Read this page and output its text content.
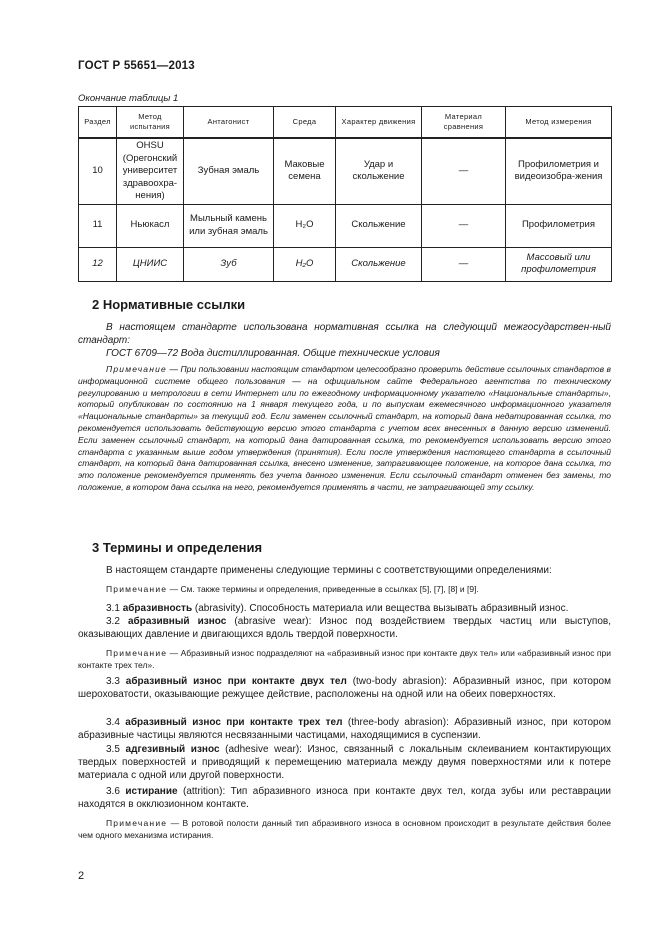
ГОСТ Р 55651—2013
Окончание таблицы 1
Раздел	Метод испытания	Антагонист	Среда	Характер движения	Материал сравнения	Метод измерения
10	OHSU (Орегонский университет здравоохра-нения)	Зубная эмаль	Маковые семена	Удар и скольжение	—	Профилометрия и видеоизобра-жения
11	Ньюкасл	Мыльный камень или зубная эмаль	H₂O	Скольжение	—	Профилометрия
12	ЦНИИС	Зуб	H₂O	Скольжение	—	Массовый или профилометрия
2 Нормативные ссылки
В настоящем стандарте использована нормативная ссылка на следующий межгосударствен-ный стандарт:
ГОСТ 6709—72 Вода дистиллированная. Общие технические условия
Примечание — При пользовании настоящим стандартом целесообразно проверить действие ссылочных стандартов в информационной системе общего пользования — на официальном сайте Федерального агентства по техническому регулированию и метрологии в сети Интернет или по ежегодному информационному указателю «Национальные стандарты», который опубликован по состоянию на 1 января текущего года, и по выпускам ежемесячного информационного указателя «Национальные стандарты» за текущий год. Если заменен ссылочный стандарт, на который дана недатированная ссылка, то рекомендуется использовать действующую версию этого стандарта с учетом всех внесенных в данную версию изменений. Если заменен ссылочный стандарт, на который дана датированная ссылка, то рекомендуется использовать версию этого стандарта с указанным выше годом утверждения (принятия). Если после утверждения настоящего стандарта в ссылочный стандарт, на который дана датированная ссылка, внесено изменение, затрагивающее положение, на которое дана ссылка, то это положение рекомендуется применять без учета данного изменения. Если ссылочный стандарт отменен без замены, то положение, в котором дана ссылка на него, рекомендуется применять в части, не затрагивающей эту ссылку.
3 Термины и определения
В настоящем стандарте применены следующие термины с соответствующими определениями:
Примечание — См. также термины и определения, приведенные в ссылках [5], [7], [8] и [9].
3.1 абразивность (abrasivity). Способность материала или вещества вызывать абразивный износ.
3.2 абразивный износ (abrasive wear): Износ под воздействием твердых частиц или выступов, оказывающих давление и двигающихся вдоль твердой поверхности.
Примечание — Абразивный износ подразделяют на «абразивный износ при контакте двух тел» или «абразивный износ при контакте трех тел».
3.3 абразивный износ при контакте двух тел (two-body abrasion): Абразивный износ, при котором шероховатости, оказывающие режущее действие, расположены на одной или на обеих поверхностях.
3.4 абразивный износ при контакте трех тел (three-body abrasion): Абразивный износ, при котором абразивные частицы являются несвязанными частицами, находящимися в суспензии.
3.5 адгезивный износ (adhesive wear): Износ, связанный с локальным склеиванием контактирующих твердых поверхностей и приводящий к перемещению материала между двумя поверхностями или к потере материала с одной или другой поверхности.
3.6 истирание (attrition): Тип абразивного износа при контакте двух тел, когда зубы или реставрации находятся в окклюзионном контакте.
Примечание — В ротовой полости данный тип абразивного износа в основном происходит в результате действия более чем одного механизма истирания.
2
